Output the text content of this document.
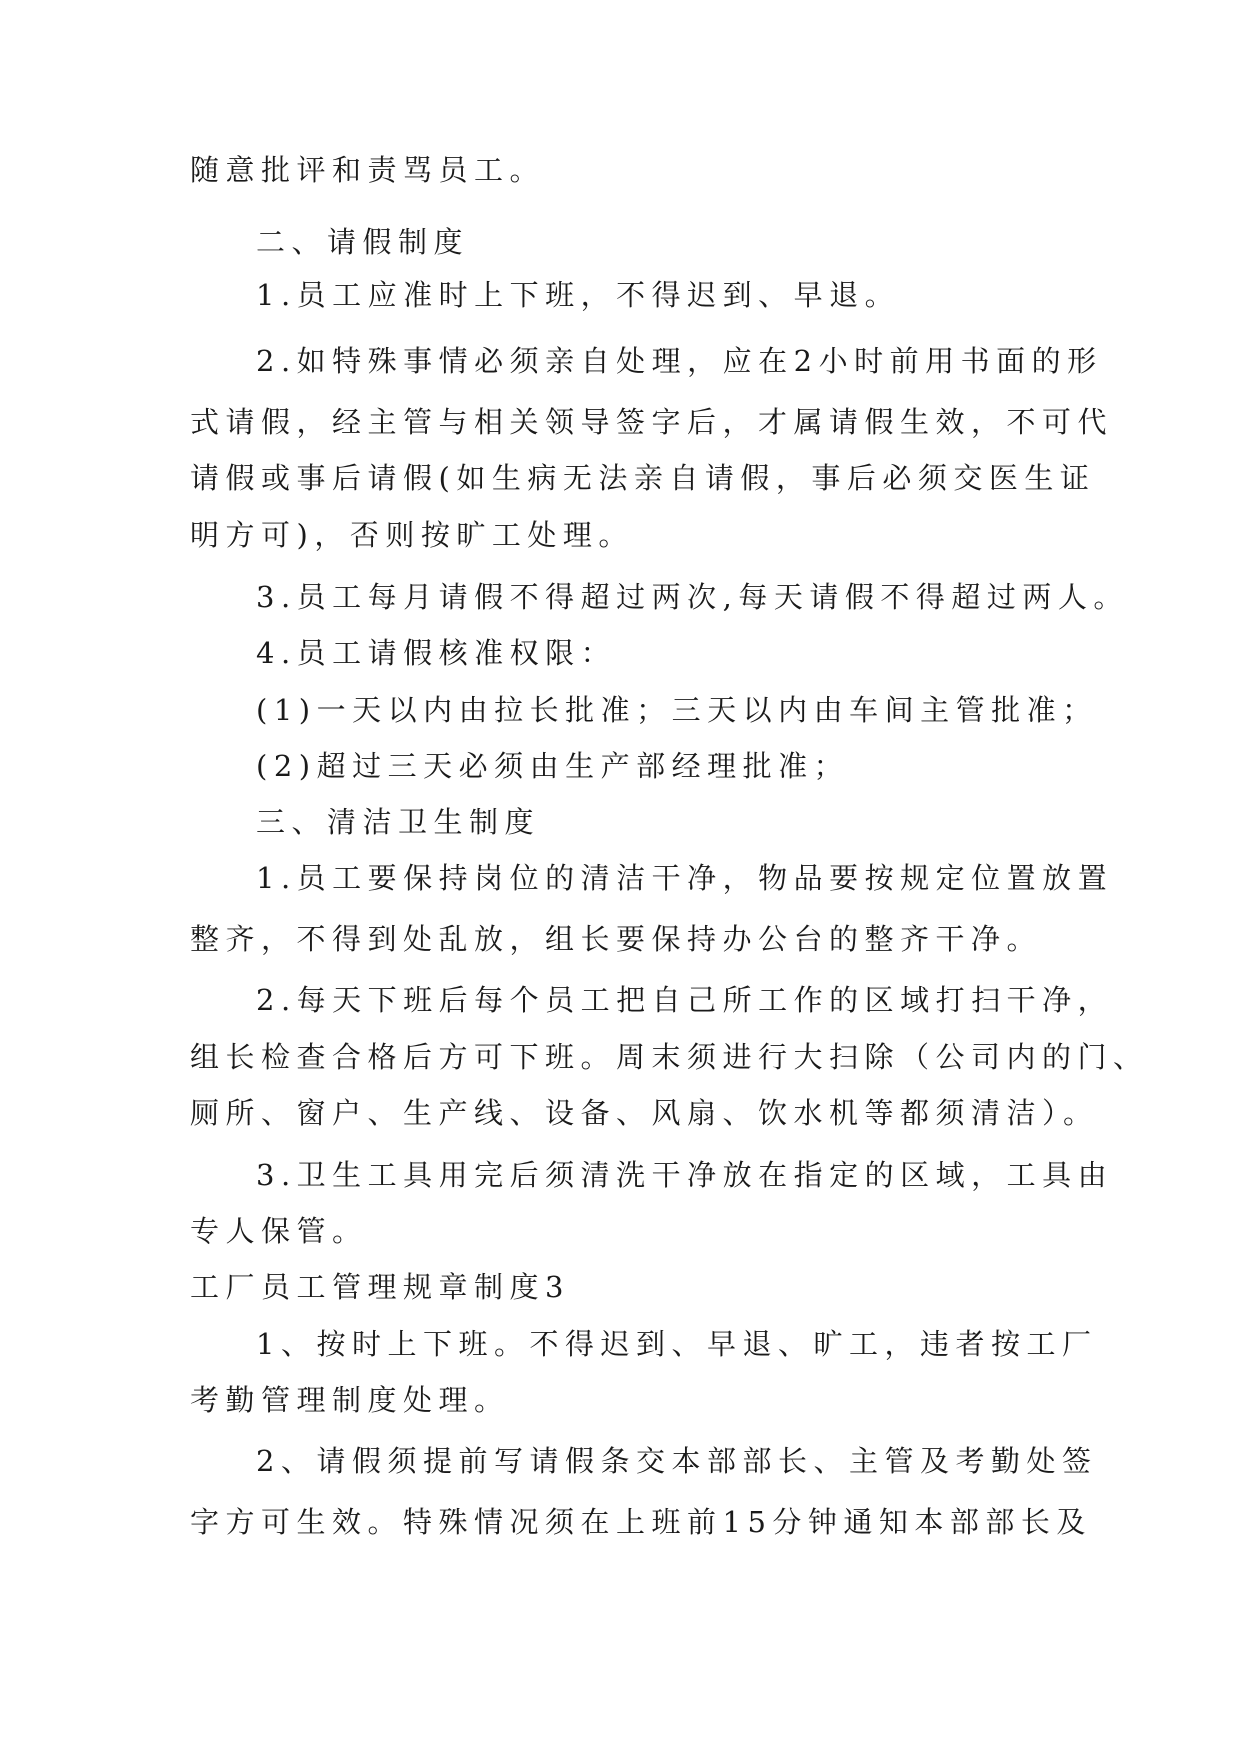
随意批评和责骂员工。
二、请假制度
1.员工应准时上下班，不得迟到、早退。
2.如特殊事情必须亲自处理，应在2小时前用书面的形
式请假，经主管与相关领导签字后，才属请假生效，不可代
请假或事后请假(如生病无法亲自请假，事后必须交医生证
明方可)，否则按旷工处理。
3.员工每月请假不得超过两次,每天请假不得超过两人。
4.员工请假核准权限：
(1)一天以内由拉长批准；三天以内由车间主管批准；
(2)超过三天必须由生产部经理批准；
三、清洁卫生制度
1.员工要保持岗位的清洁干净，物品要按规定位置放置
整齐，不得到处乱放，组长要保持办公台的整齐干净。
2.每天下班后每个员工把自己所工作的区域打扫干净，
组长检查合格后方可下班。周末须进行大扫除（公司内的门、
厕所、窗户、生产线、设备、风扇、饮水机等都须清洁）。
3.卫生工具用完后须清洗干净放在指定的区域，工具由
专人保管。
工厂员工管理规章制度3
1、按时上下班。不得迟到、早退、旷工，违者按工厂
考勤管理制度处理。
2、请假须提前写请假条交本部部长、主管及考勤处签
字方可生效。特殊情况须在上班前15分钟通知本部部长及
